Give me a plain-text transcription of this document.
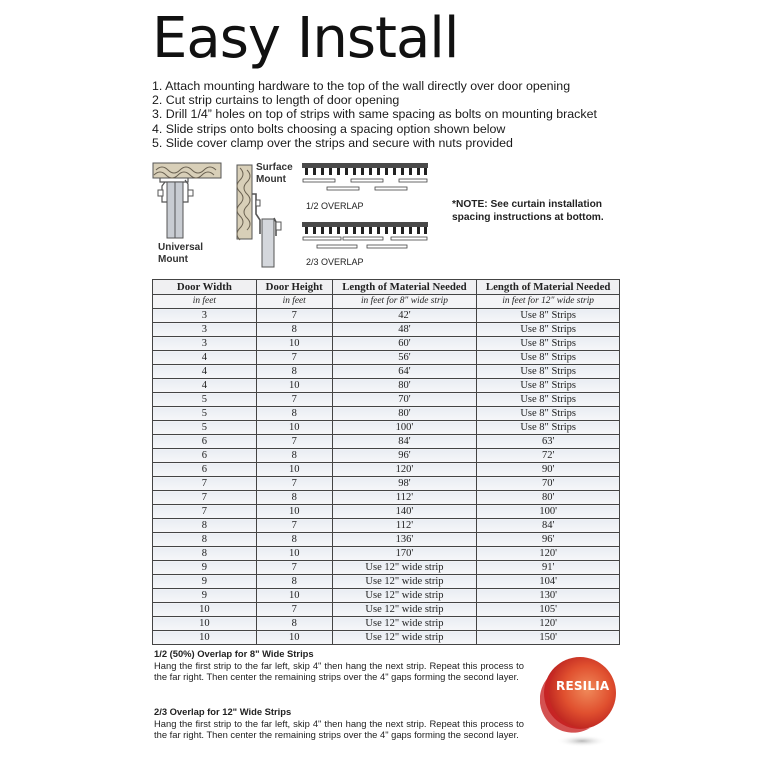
Easy Install
1. Attach mounting hardware to the top of the wall directly over door opening
2. Cut strip curtains to length of door opening
3. Drill 1/4” holes on top of strips with same spacing as bolts on mounting bracket
4. Slide strips onto bolts choosing a spacing option shown below
5. Slide cover clamp over the strips and secure with nuts provided
Universal
Mount
Surface
Mount
1/2 OVERLAP
2/3 OVERLAP
*NOTE: See curtain installation
spacing instructions at bottom.
Door Width	Door Height	Length of Material Needed	Length of Material Needed
in feet	in feet	in feet for 8" wide strip	in feet for 12" wide strip
3	7	42'	Use 8" Strips
3	8	48'	Use 8" Strips
3	10	60'	Use 8" Strips
4	7	56'	Use 8" Strips
4	8	64'	Use 8" Strips
4	10	80'	Use 8" Strips
5	7	70'	Use 8" Strips
5	8	80'	Use 8" Strips
5	10	100'	Use 8" Strips
6	7	84'	63'
6	8	96'	72'
6	10	120'	90'
7	7	98'	70'
7	8	112'	80'
7	10	140'	100'
8	7	112'	84'
8	8	136'	96'
8	10	170'	120'
9	7	Use 12" wide strip	91'
9	8	Use 12" wide strip	104'
9	10	Use 12" wide strip	130'
10	7	Use 12" wide strip	105'
10	8	Use 12" wide strip	120'
10	10	Use 12" wide strip	150'
1/2 (50%) Overlap for 8" Wide Strips
Hang the first strip to the far left, skip 4" then hang the next strip. Repeat this process to the far right. Then center the remaining strips over the 4" gaps forming the second layer.
2/3 Overlap for 12" Wide Strips
Hang the first strip to the far left, skip 4" then hang the next strip. Repeat this process to the far right. Then center the remaining strips over the 4" gaps forming the second layer.
RESILIA
